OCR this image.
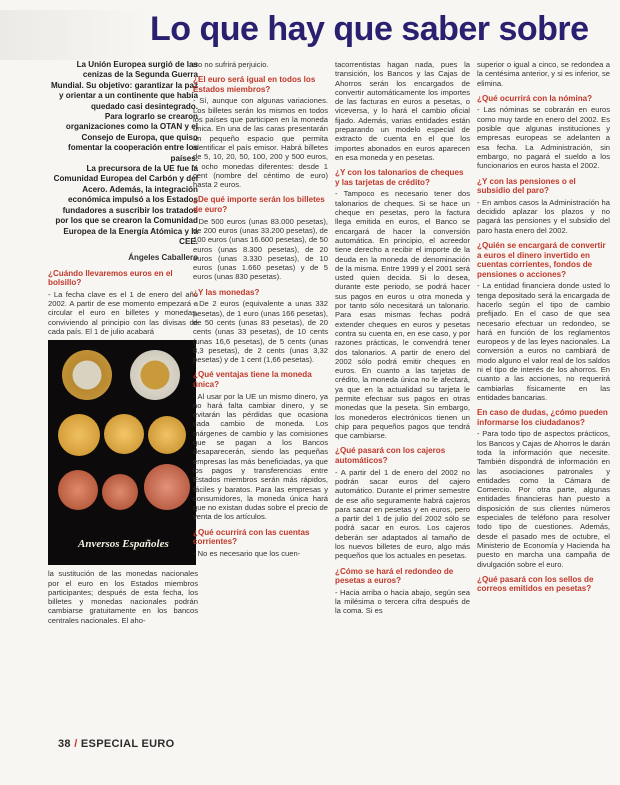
Lo que hay que saber sobre

La Unión Europea surgió de las cenizas de la Segunda Guerra Mundial. Su objetivo: garantizar la paz y orientar a un continente que había quedado casi desintegrado.

Para lograrlo se crearon organizaciones como la OTAN y el Consejo de Europa, que quiso fomentar la cooperación entre los países.

La precursora de la UE fue la Comunidad Europea del Carbón y del Acero. Además, la integración económica impulsó a los Estados fundadores a suscribir los tratados por los que se crearon la Comunidad Europea de la Energía Atómica y la CEE.

Ángeles Caballero
¿Cuándo llevaremos euros en el bolsillo?

- La fecha clave es el 1 de enero del año 2002. A partir de ese momento empezará a circular el euro en billetes y monedas, conviviendo al principio con las divisas de cada país. El 1 de julio acabará

Anversos Españoles

la sustitución de las monedas nacionales por el euro en los Estados miembros participantes; después de esta fecha, los billetes y monedas nacionales podrán cambiarse gratuitamente en los bancos centrales nacionales. El aho-

rro no sufrirá perjuicio.

¿El euro será igual en todos los Estados miembros?

- Sí, aunque con algunas variaciones. Los billetes serán los mismos en todos los países que participen en la moneda única. En una de las caras presentarán un pequeño espacio que permita identificar el país emisor. Habrá billetes de 5, 10, 20, 50, 100, 200 y 500 euros, y ocho monedas diferentes: desde 1 cent (nombre del céntimo de euro) hasta 2 euros.

¿De qué importe serán los billetes de euro?

- De 500 euros (unas 83.000 pesetas), de 200 euros (unas 33.200 pesetas), de 100 euros (unas 16.600 pesetas), de 50 euros (unas 8.300 pesetas), de 20 euros (unas 3.330 pesetas), de 10 euros (unas 1.660 pesetas) y de 5 euros (unas 830 pesetas).

¿Y las monedas?

- De 2 euros (equivalente a unas 332 pesetas), de 1 euro (unas 166 pesetas), de 50 cents (unas 83 pesetas), de 20 cents (unas 33 pesetas), de 10 cents (unas 16,6 pesetas), de 5 cents (unas 8,3 pesetas), de 2 cents (unas 3,32 pesetas) y de 1 cent (1,66 pesetas).

¿Qué ventajas tiene la moneda única?

- Al usar por la UE un mismo dinero, ya no hará falta cambiar dinero, y se evitarán las pérdidas que ocasiona cada cambio de moneda. Los márgenes de cambio y las comisiones que se pagan a los Bancos desaparecerán, siendo las pequeñas empresas las más beneficiadas, ya que los pagos y transferencias entre Estados miembros serán más rápidos, fáciles y baratos. Para las empresas y consumidores, la moneda única hará que no existan dudas sobre el precio de venta de los artículos.

¿Qué ocurrirá con las cuentas corrientes?

- No es necesario que los cuen-

tacorrentistas hagan nada, pues la transición, los Bancos y las Cajas de Ahorros serán los encargados de convertir automáticamente los importes de las facturas en euros a pesetas, o viceversa, y lo hará el cambio oficial fijado. Además, varias entidades están preparando un modelo especial de extracto de cuenta en el que los importes abonados en euros aparecen en esa moneda y en pesetas.

¿Y con los talonarios de cheques y las tarjetas de crédito?

- Tampoco es necesario tener dos talonarios de cheques. Si se hace un cheque en pesetas, pero la factura llega emitida en euros, el Banco se encargará de hacer la conversión automática. En principio, el acreedor tiene derecho a recibir el importe de la deuda en la moneda de denominación de la misma. Entre 1999 y el 2001 será usted quien decida. Si lo desea, durante este periodo, se podrá hacer sus pagos en euros u otra moneda y por tanto sólo necesitará un talonario. Para esas mismas fechas podrá extender cheques en euros y pesetas contra su cuenta en, en ese caso, y por razones prácticas, le convendrá tener dos talonarios. A partir de enero del 2002 sólo podrá emitir cheques en euros. En cuanto a las tarjetas de crédito, la moneda única no le afectará, ya que en la actualidad su tarjeta le permite efectuar sus pagos en otras monedas que la peseta. Sin embargo, los monederos electrónicos tienen un chip para pequeños pagos que tendrá que cambiarse.

¿Qué pasará con los cajeros automáticos?

- A partir del 1 de enero del 2002 no podrán sacar euros del cajero automático. Durante el primer semestre de ese año seguramente habrá cajeros para sacar en pesetas y en euros, pero a partir del 1 de julio del 2002 sólo se podrá sacar en euros. Los cajeros deberán ser adaptados al tamaño de los nuevos billetes de euro, algo más pequeños que los actuales en pesetas.

¿Cómo se hará el redondeo de pesetas a euros?

- Hacia arriba o hacia abajo, según sea la milésima o tercera cifra después de la coma. Si es

superior o igual a cinco, se redondea a la centésima anterior, y si es inferior, se elimina.

¿Qué ocurrirá con la nómina?

- Las nóminas se cobrarán en euros como muy tarde en enero del 2002. Es posible que algunas instituciones y empresas europeas se adelanten a esa fecha. La Administración, sin embargo, no pagará el sueldo a los funcionarios en euros hasta el 2002.

¿Y con las pensiones o el subsidio del paro?

- En ambos casos la Administración ha decidido aplazar los plazos y no pagará las pensiones y el subsidio del paro hasta enero del 2002.

¿Quién se encargará de convertir a euros el dinero invertido en cuentas corrientes, fondos de pensiones o acciones?

- La entidad financiera donde usted lo tenga depositado será la encargada de hacerlo según el tipo de cambio prefijado. En el caso de que sea necesario efectuar un redondeo, se hará en función de los reglamentos europeos y de las leyes nacionales. La conversión a euros no cambiará de modo alguno el valor real de los saldos ni el tipo de interés de los ahorros. En cuanto a las acciones, no requerirá cambiarlas físicamente en las entidades bancarias.

En caso de dudas, ¿cómo pueden informarse los ciudadanos?

- Para todo tipo de aspectos prácticos, los Bancos y Cajas de Ahorros le darán toda la información que necesite. También dispondrá de información en las asociaciones patronales y entidades como la Cámara de Comercio. Por otra parte, algunas entidades financieras han puesto a disposición de sus clientes números especiales de teléfono para resolver todo tipo de cuestiones. Además, desde el pasado mes de octubre, el Ministerio de Economía y Hacienda ha puesto en marcha una campaña de divulgación sobre el euro.

¿Qué pasará con los sellos de correos emitidos en pesetas?
38 / ESPECIAL EURO
